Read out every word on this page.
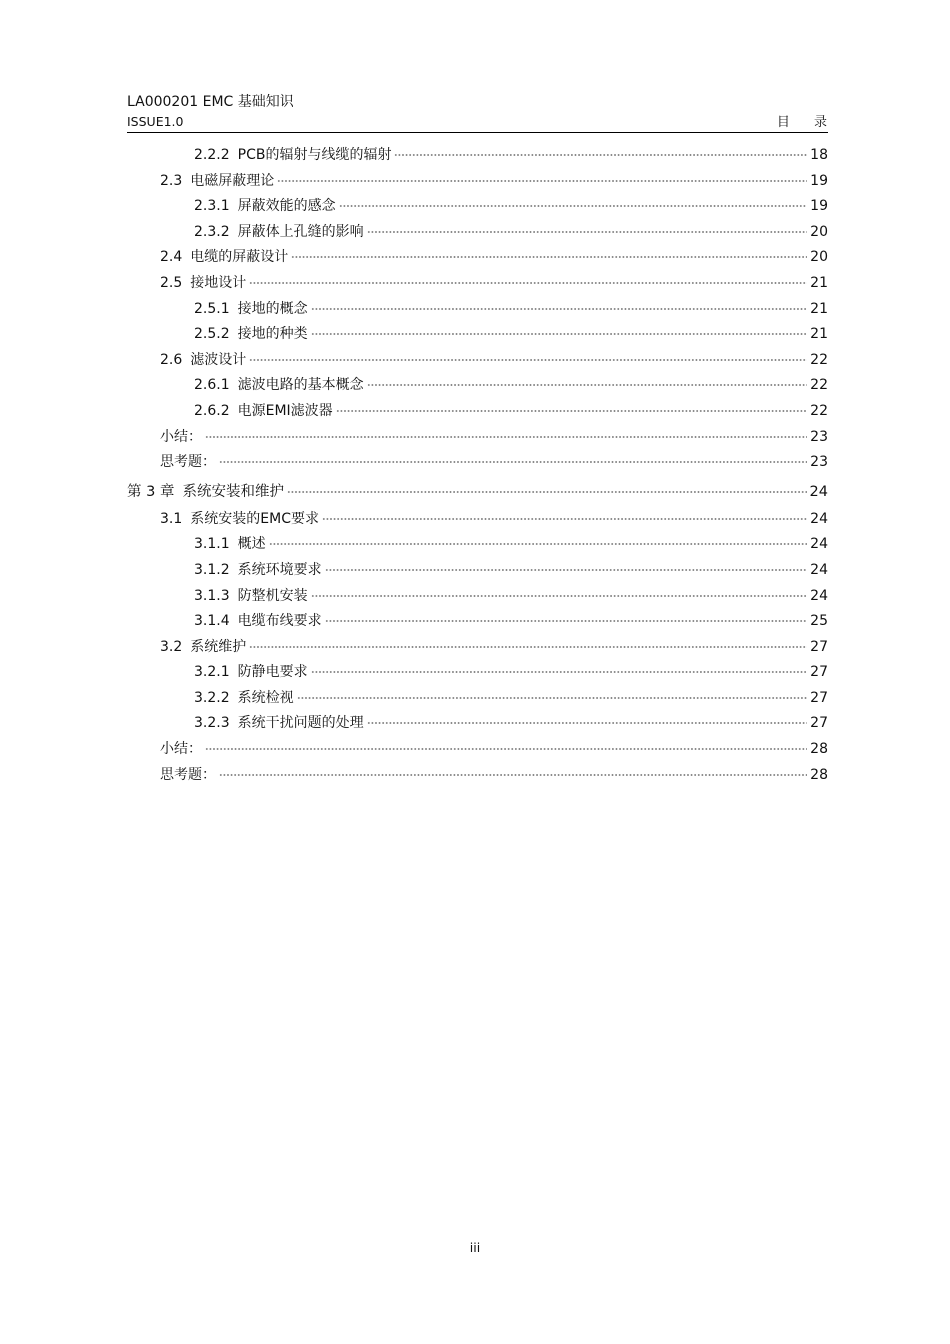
LA000201 EMC 基础知识
ISSUE1.0	目 录
2.2.2 PCB的辐射与线缆的辐射	18
2.3 电磁屏蔽理论	19
2.3.1 屏蔽效能的感念	19
2.3.2 屏蔽体上孔缝的影响	20
2.4 电缆的屏蔽设计	20
2.5 接地设计	21
2.5.1 接地的概念	21
2.5.2 接地的种类	21
2.6 滤波设计	22
2.6.1 滤波电路的基本概念	22
2.6.2 电源EMI滤波器	22
小结：	23
思考题：	23
第 3 章 系统安装和维护	24
3.1 系统安装的EMC要求	24
3.1.1 概述	24
3.1.2 系统环境要求	24
3.1.3 防整机安装	24
3.1.4 电缆布线要求	25
3.2 系统维护	27
3.2.1 防静电要求	27
3.2.2 系统检视	27
3.2.3 系统干扰问题的处理	27
小结：	28
思考题：	28
iii
